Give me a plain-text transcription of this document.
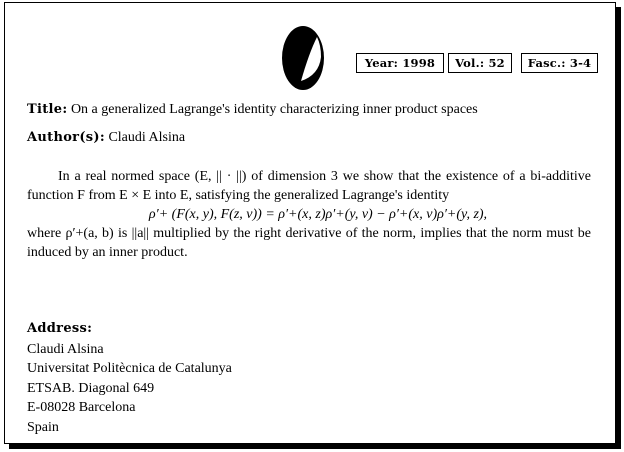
Year: 1998	Vol.: 52	Fasc.: 3-4
Title: On a generalized Lagrange's identity characterizing inner product spaces
Author(s): Claudi Alsina

In a real normed space (E, || · ||) of dimension 3 we show that the existence of a bi-additive function F from E × E into E, satisfying the generalized Lagrange's identity

ρ′+ (F(x, y), F(z, v)) = ρ′+(x, z)ρ′+(y, v) − ρ′+(x, v)ρ′+(y, z),

where ρ′+(a, b) is ||a|| multiplied by the right derivative of the norm, implies that the norm must be induced by an inner product.

Address:
Claudi Alsina
Universitat Politècnica de Catalunya
ETSAB. Diagonal 649
E-08028 Barcelona
Spain
